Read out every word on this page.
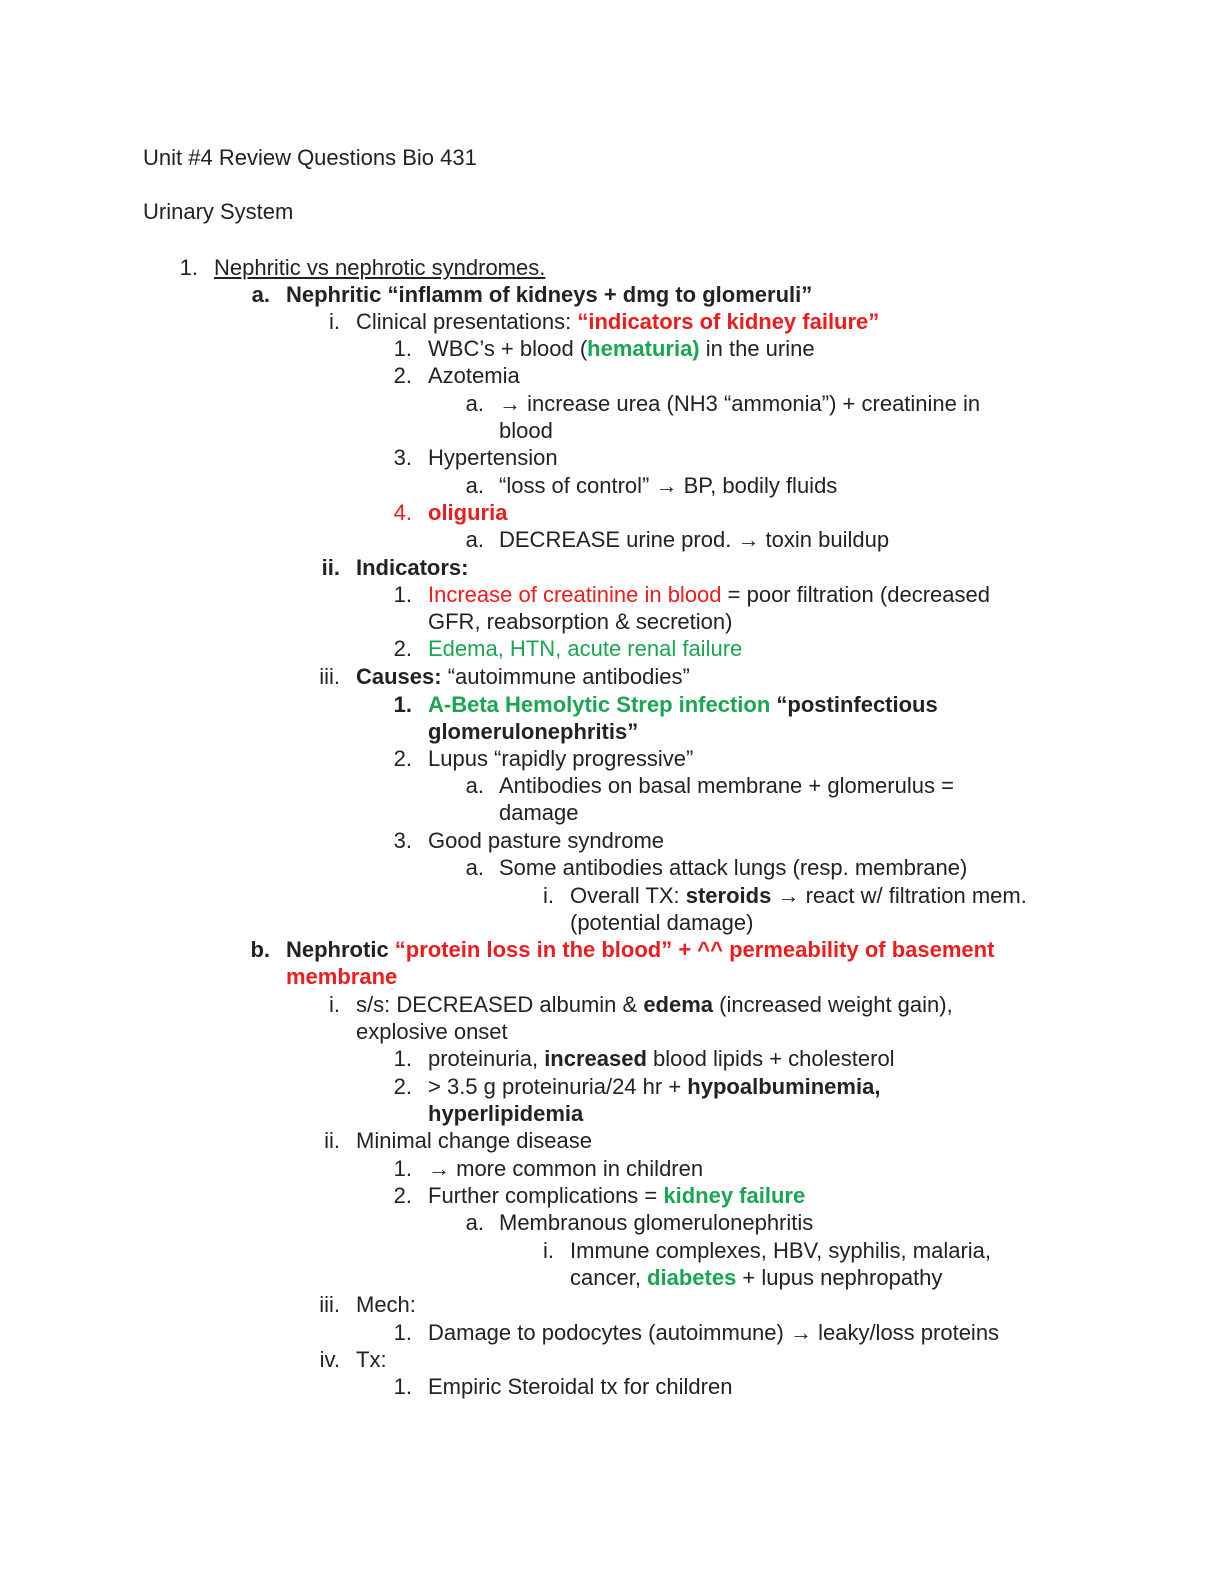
Unit #4 Review Questions Bio 431
Urinary System
1. Nephritic vs nephrotic syndromes.
a. Nephritic “inflamm of kidneys + dmg to glomeruli”
i. Clinical presentations: “indicators of kidney failure”
1. WBC’s + blood (hematuria) in the urine
2. Azotemia
a. → increase urea (NH3 “ammonia”) + creatinine in
blood
3. Hypertension
a. “loss of control” → BP, bodily fluids
4. oliguria
a. DECREASE urine prod. → toxin buildup
ii. Indicators:
1. Increase of creatinine in blood = poor filtration (decreased
GFR, reabsorption & secretion)
2. Edema, HTN, acute renal failure
iii. Causes: “autoimmune antibodies”
1. A-Beta Hemolytic Strep infection “postinfectious
glomerulonephritis”
2. Lupus “rapidly progressive”
a. Antibodies on basal membrane + glomerulus =
damage
3. Good pasture syndrome
a. Some antibodies attack lungs (resp. membrane)
i. Overall TX: steroids → react w/ filtration mem.
(potential damage)
b. Nephrotic “protein loss in the blood” + ^^ permeability of basement
membrane
i. s/s: DECREASED albumin & edema (increased weight gain),
explosive onset
1. proteinuria, increased blood lipids + cholesterol
2. > 3.5 g proteinuria/24 hr + hypoalbuminemia,
hyperlipidemia
ii. Minimal change disease
1. → more common in children
2. Further complications = kidney failure
a. Membranous glomerulonephritis
i. Immune complexes, HBV, syphilis, malaria,
cancer, diabetes + lupus nephropathy
iii. Mech:
1. Damage to podocytes (autoimmune) → leaky/loss proteins
iv. Tx:
1. Empiric Steroidal tx for children
